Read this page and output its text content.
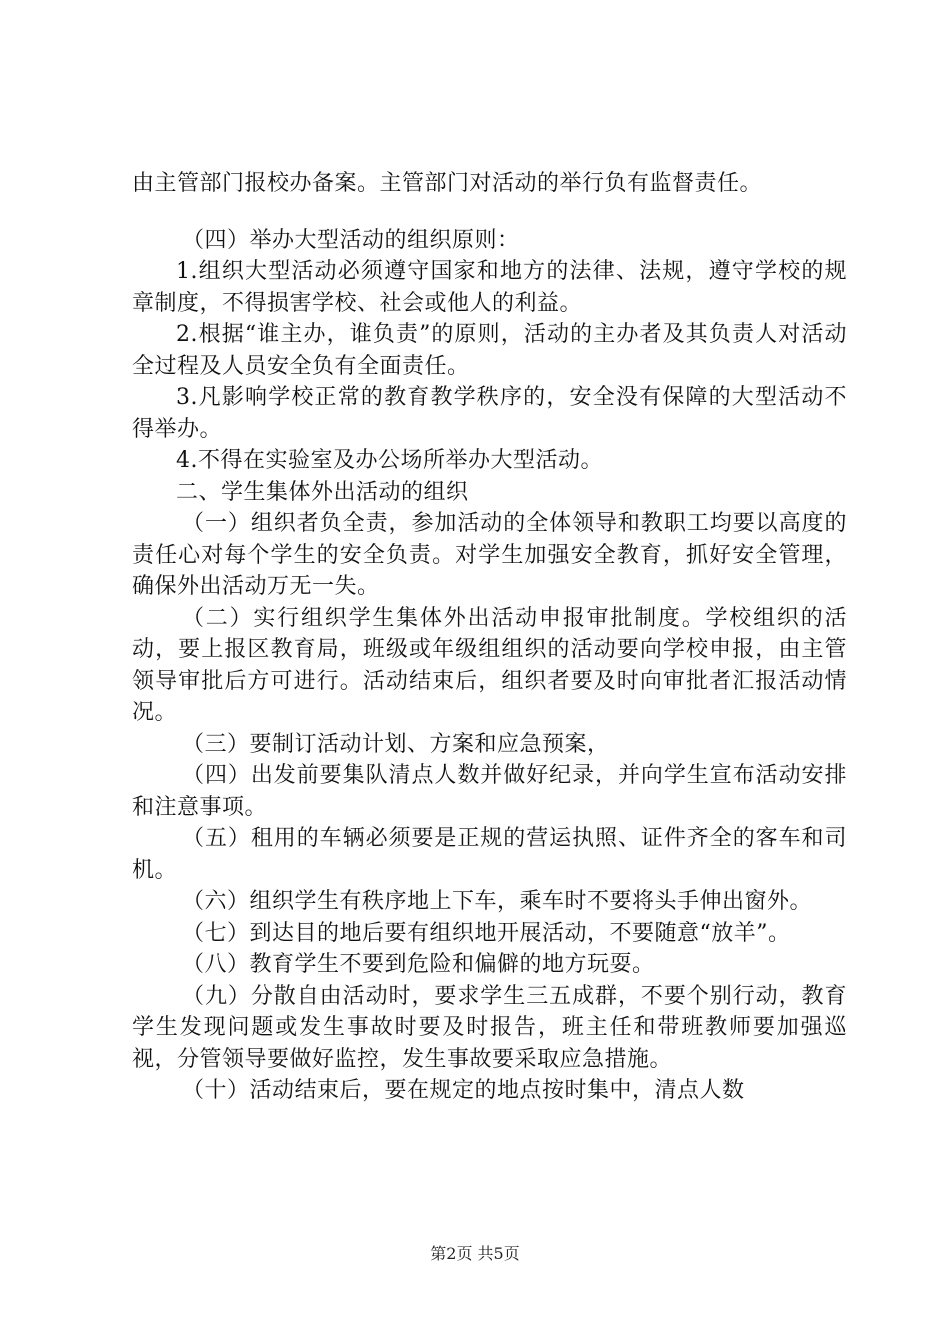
由主管部门报校办备案。主管部门对活动的举行负有监督责任。

（四）举办大型活动的组织原则：

1.组织大型活动必须遵守国家和地方的法律、法规，遵守学校的规章制度，不得损害学校、社会或他人的利益。

2.根据“谁主办，谁负责”的原则，活动的主办者及其负责人对活动全过程及人员安全负有全面责任。

3.凡影响学校正常的教育教学秩序的，安全没有保障的大型活动不得举办。

4.不得在实验室及办公场所举办大型活动。

二、学生集体外出活动的组织

（一）组织者负全责，参加活动的全体领导和教职工均要以高度的责任心对每个学生的安全负责。对学生加强安全教育，抓好安全管理，确保外出活动万无一失。

（二）实行组织学生集体外出活动申报审批制度。学校组织的活动，要上报区教育局，班级或年级组组织的活动要向学校申报，由主管领导审批后方可进行。活动结束后，组织者要及时向审批者汇报活动情况。

（三）要制订活动计划、方案和应急预案，

（四）出发前要集队清点人数并做好纪录，并向学生宣布活动安排和注意事项。

（五）租用的车辆必须要是正规的营运执照、证件齐全的客车和司机。

（六）组织学生有秩序地上下车，乘车时不要将头手伸出窗外。

（七）到达目的地后要有组织地开展活动，不要随意“放羊”。

（八）教育学生不要到危险和偏僻的地方玩耍。

（九）分散自由活动时，要求学生三五成群，不要个别行动，教育学生发现问题或发生事故时要及时报告，班主任和带班教师要加强巡视，分管领导要做好监控，发生事故要采取应急措施。

（十）活动结束后，要在规定的地点按时集中，清点人数

第2页 共5页
